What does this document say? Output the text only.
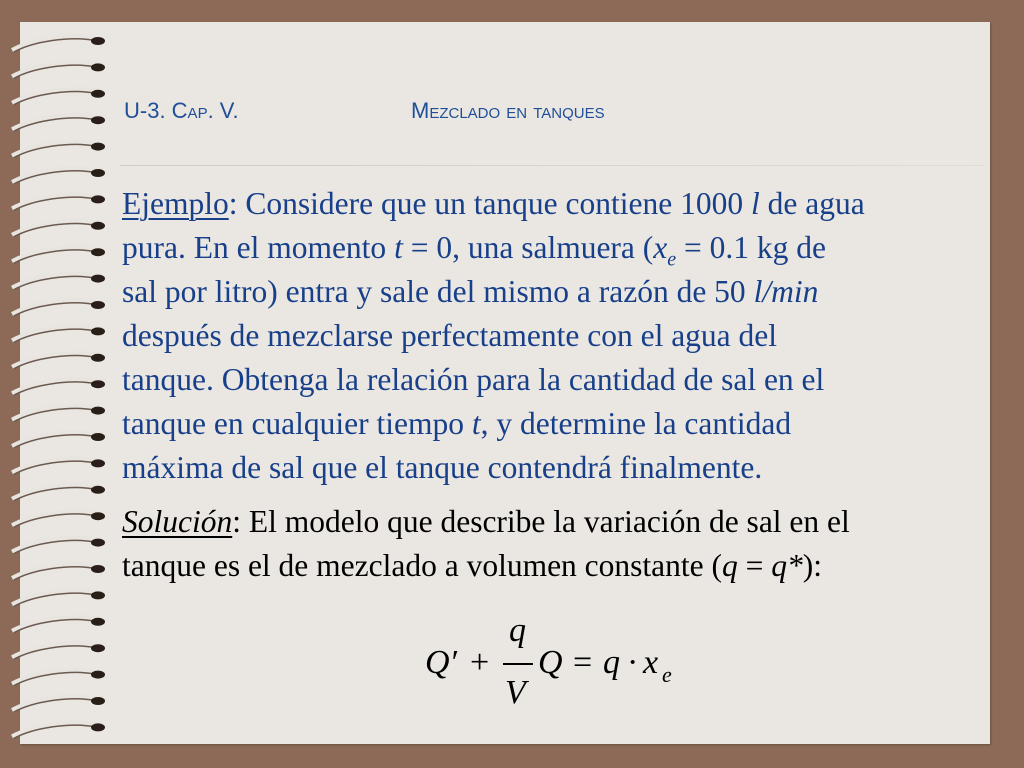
U-3. Cap. V.	Mezclado en tanques
Ejemplo: Considere que un tanque contiene 1000 l de agua
pura. En el momento t = 0, una salmuera ($x_e = 0.1$ kg de
sal por litro) entra y sale del mismo a razón de 50 l/min
después de mezclarse perfectamente con el agua del
tanque. Obtenga la relación para la cantidad de sal en el
tanque en cualquier tiempo t, y determine la cantidad
máxima de sal que el tanque contendrá finalmente.
Solución: El modelo que describe la variación de sal en el
tanque es el de mezclado a volumen constante (q = q*):
Q′ +
q
V
Q = q · x e
